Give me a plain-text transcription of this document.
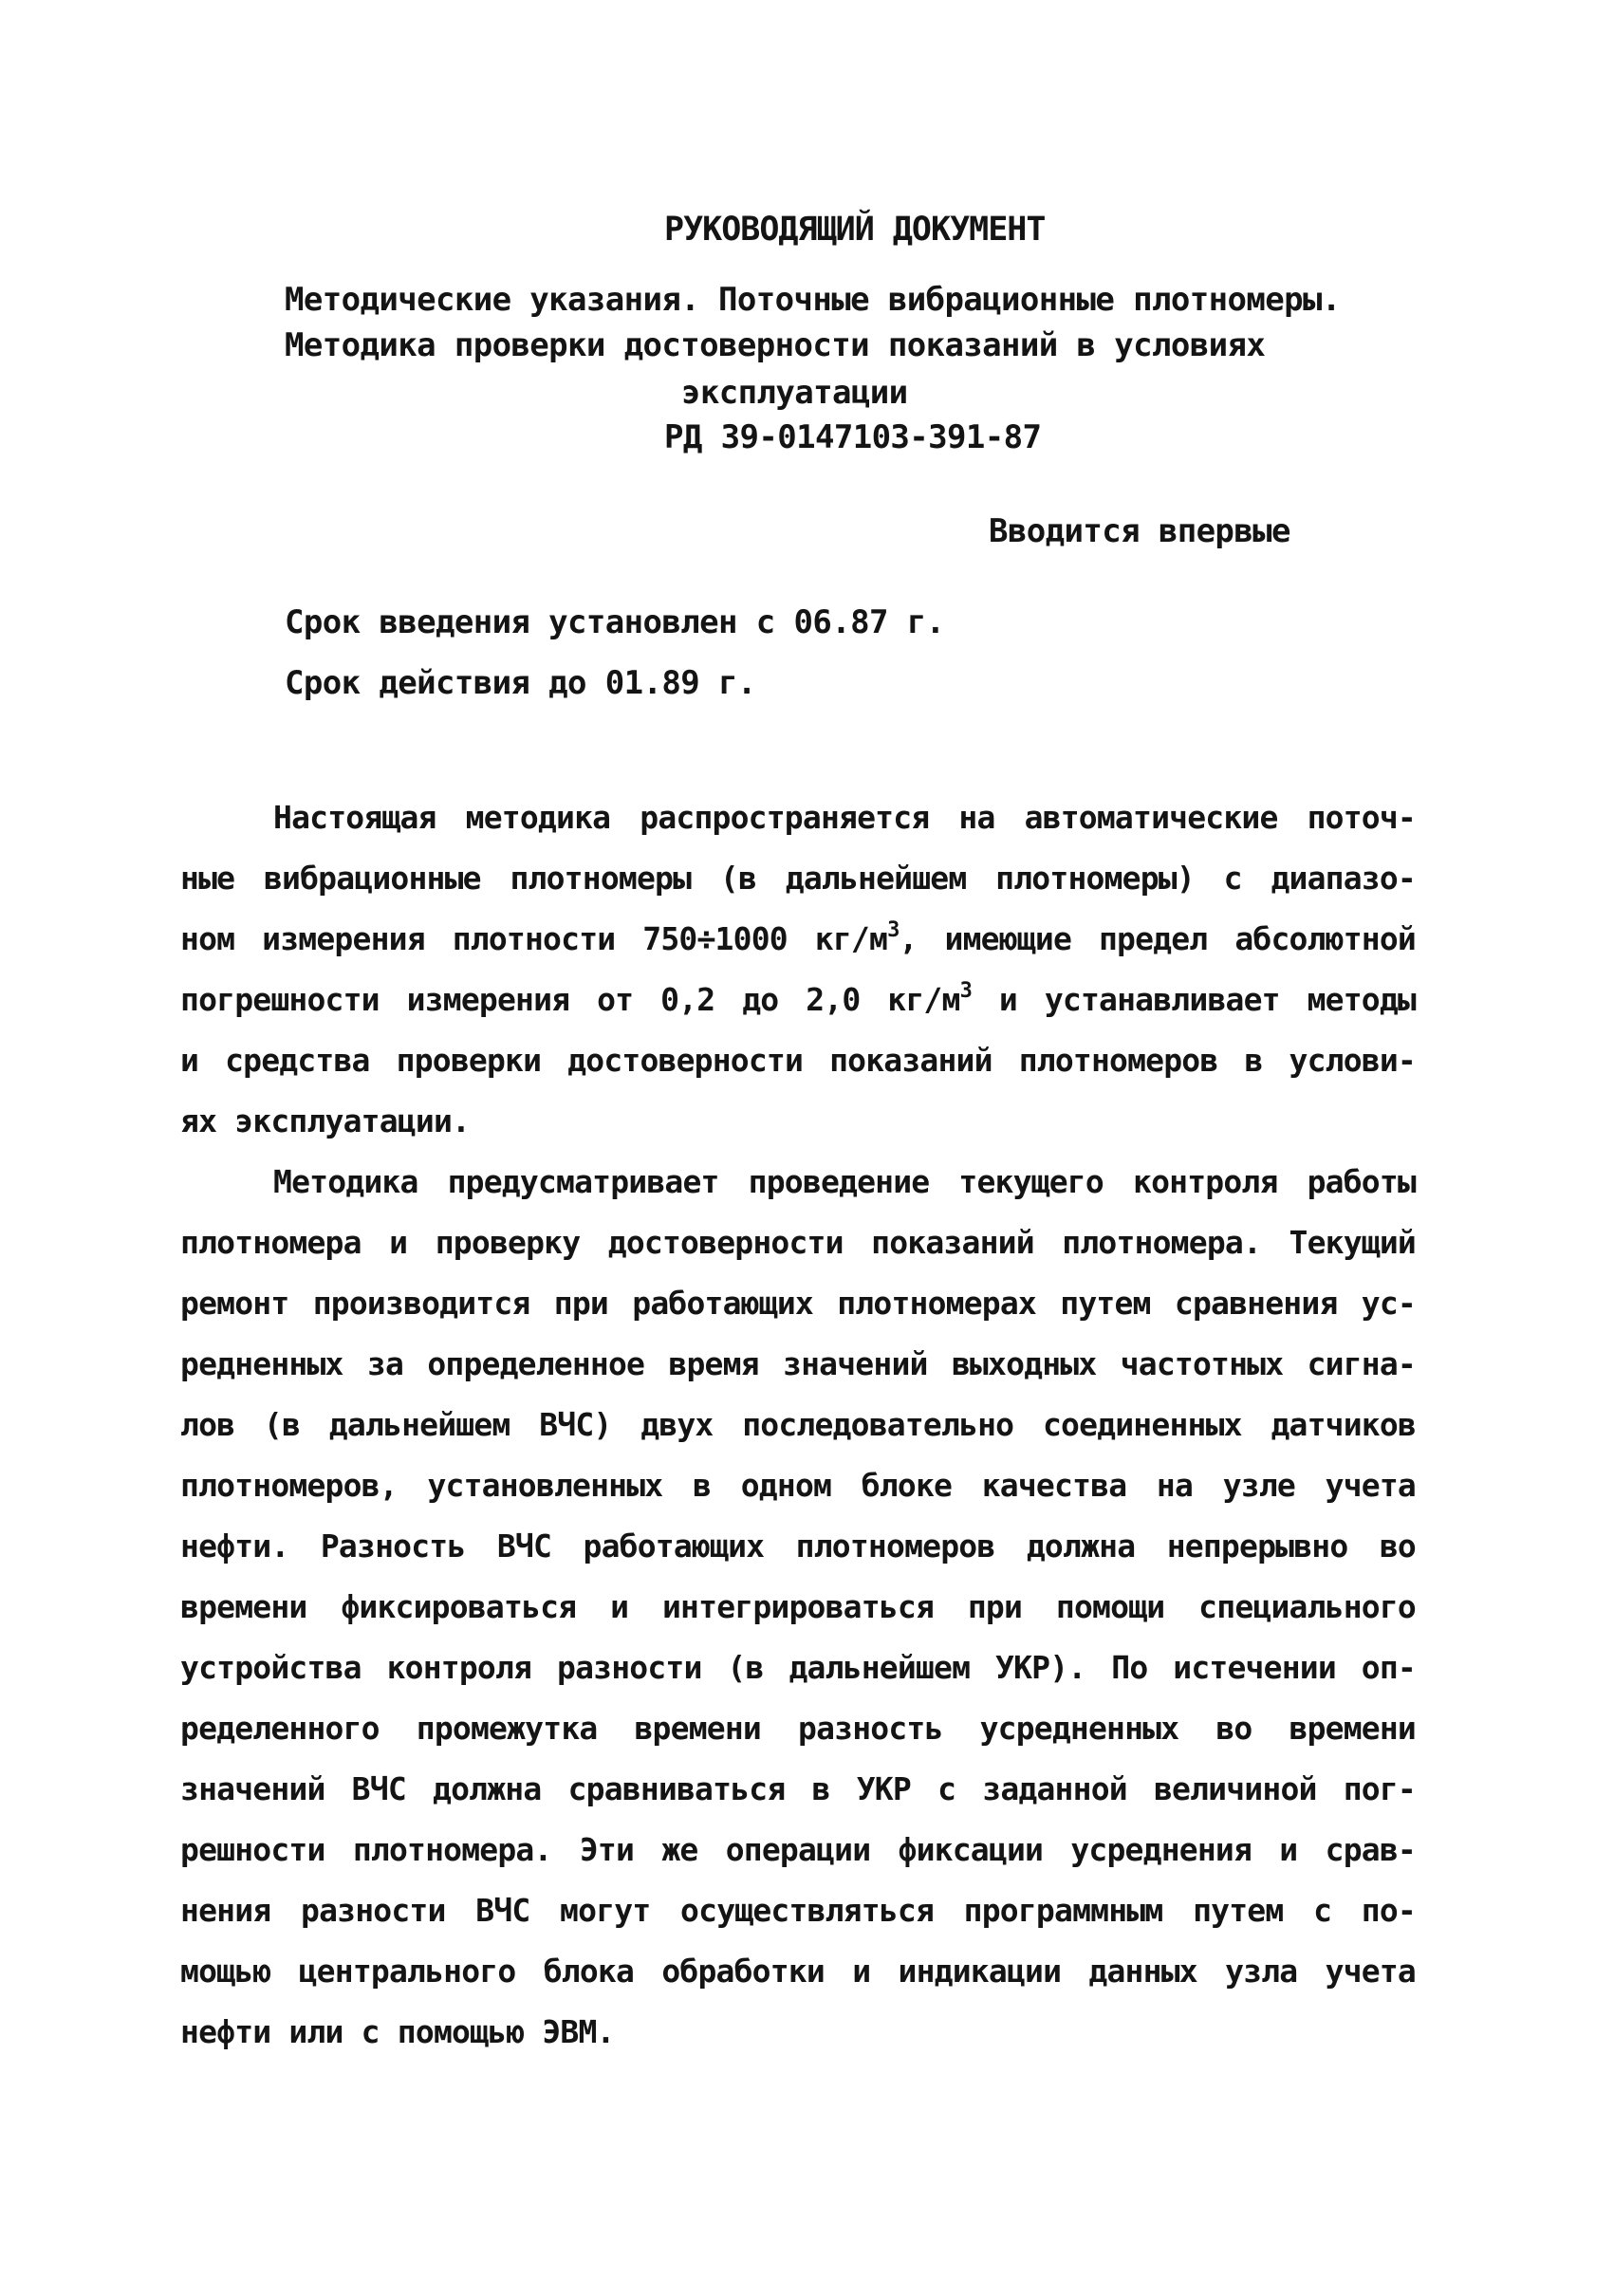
РУКОВОДЯЩИЙ ДОКУМЕНТ
Методические указания. Поточные вибрационные плотномеры.
Методика проверки достоверности показаний в условиях
эксплуатации
РД 39-0147103-391-87
Вводится впервые
Срок введения установлен с 06.87 г.
Срок действия до 01.89 г.
Настоящая методика распространяется на автоматические поточ-
ные вибрационные плотномеры (в дальнейшем плотномеры) с диапазо-
ном измерения плотности 750÷1000 $кг/м^3$, имеющие предел абсолютной
погрешности измерения от 0,2 до 2,0 $кг/м^3$ и устанавливает методы
и средства проверки достоверности показаний плотномеров в услови-
ях эксплуатации.
Методика предусматривает проведение текущего контроля работы
плотномера и проверку достоверности показаний плотномера. Текущий
ремонт производится при работающих плотномерах путем сравнения ус-
редненных за определенное время значений выходных частотных сигна-
лов (в дальнейшем ВЧС) двух последовательно соединенных датчиков
плотномеров, установленных в одном блоке качества на узле учета
нефти. Разность ВЧС работающих плотномеров должна непрерывно во
времени фиксироваться и интегрироваться при помощи специального
устройства контроля разности (в дальнейшем УКР). По истечении оп-
ределенного промежутка времени разность усредненных во времени
значений ВЧС должна сравниваться в УКР с заданной величиной пог-
решности плотномера. Эти же операции фиксации усреднения и срав-
нения разности ВЧС могут осуществляться программным путем с по-
мощью центрального блока обработки и индикации данных узла учета
нефти или с помощью ЭВМ.
